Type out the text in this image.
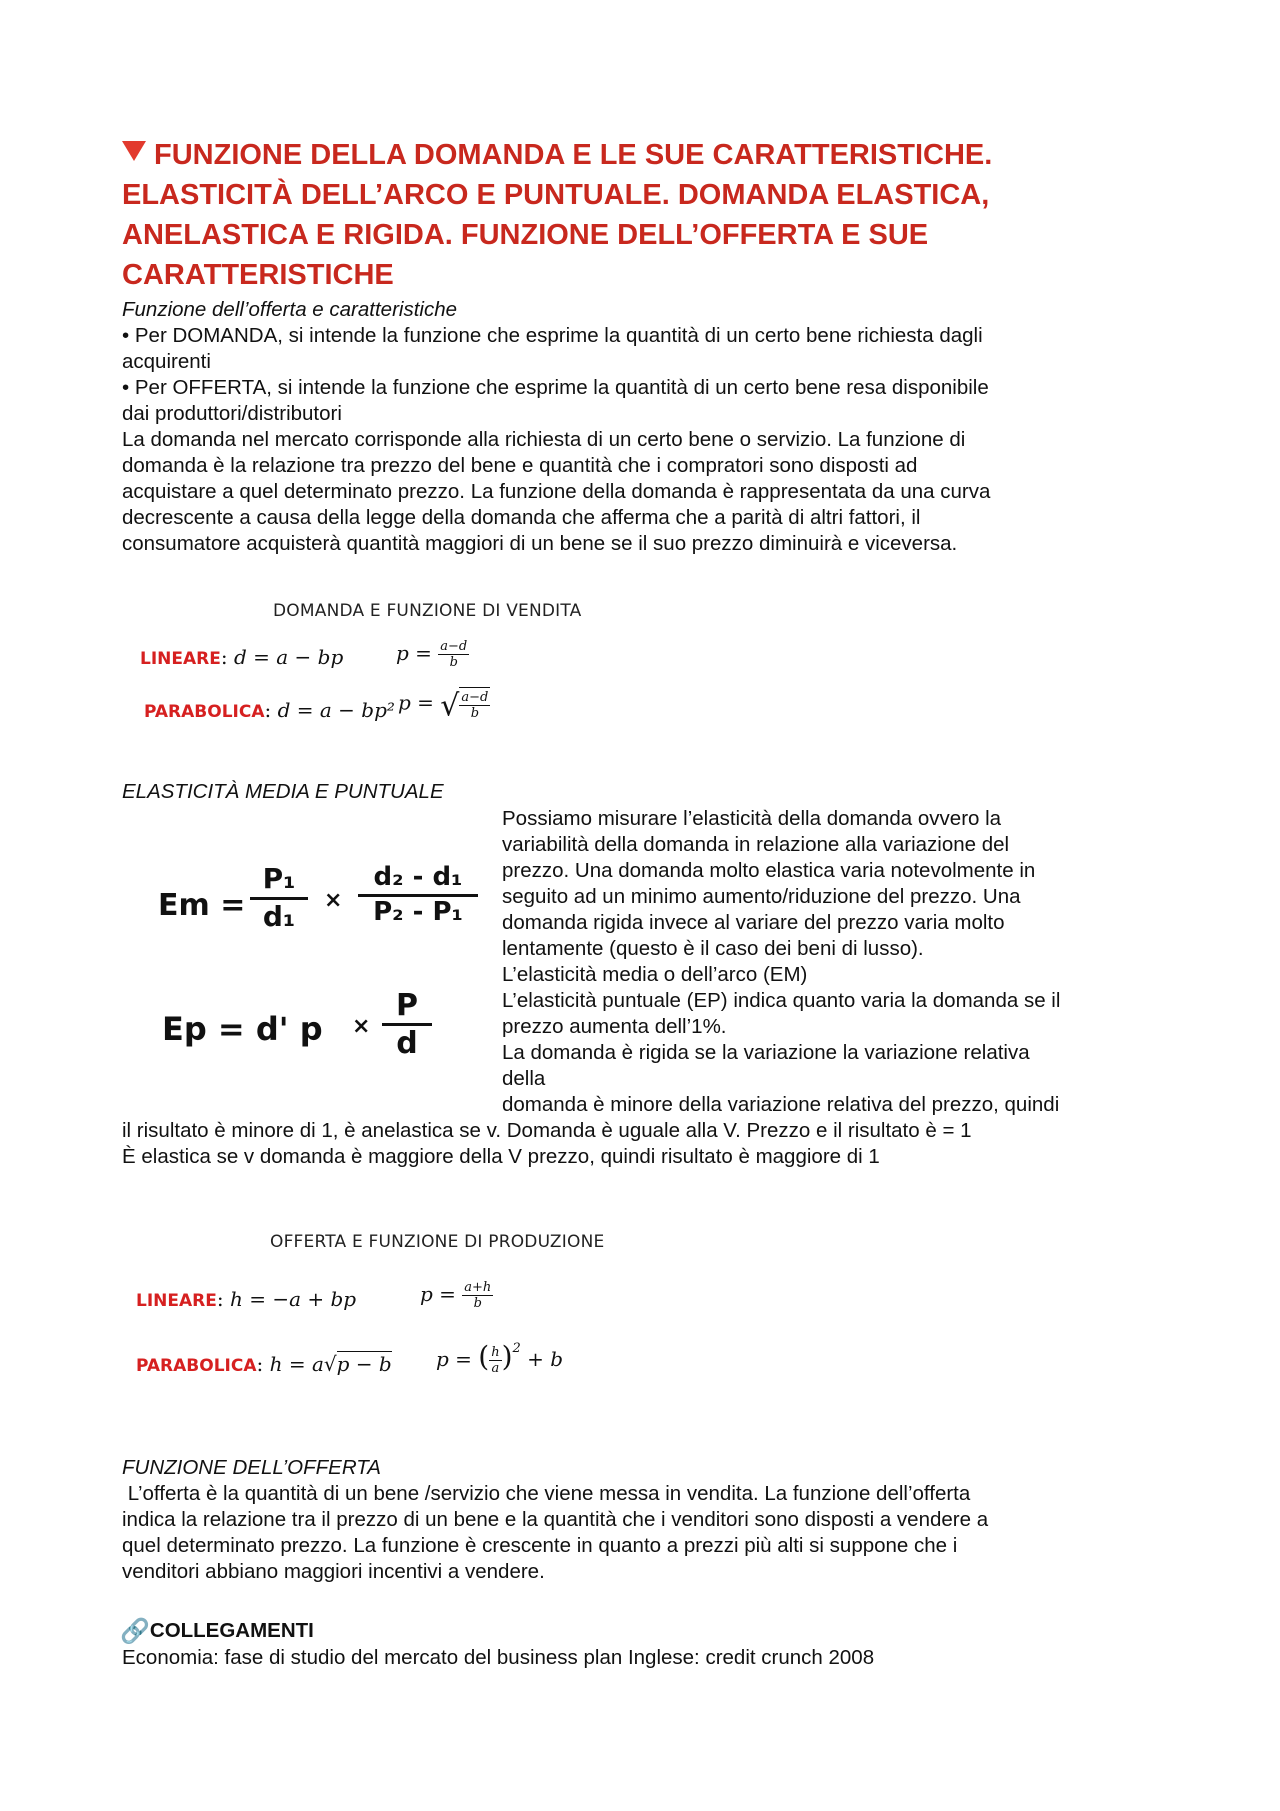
FUNZIONE DELLA DOMANDA E LE SUE CARATTERISTICHE.
ELASTICITÀ DELL’ARCO E PUNTUALE. DOMANDA ELASTICA,
ANELASTICA E RIGIDA. FUNZIONE DELL’OFFERTA E SUE
CARATTERISTICHE
Funzione dell’offerta e caratteristiche
• Per DOMANDA, si intende la funzione che esprime la quantità di un certo bene richiesta dagli
acquirenti
• Per OFFERTA, si intende la funzione che esprime la quantità di un certo bene resa disponibile
dai produttori/distributori
La domanda nel mercato corrisponde alla richiesta di un certo bene o servizio. La funzione di
domanda è la relazione tra prezzo del bene e quantità che i compratori sono disposti ad
acquistare a quel determinato prezzo. La funzione della domanda è rappresentata da una curva
decrescente a causa della legge della domanda che afferma che a parità di altri fattori, il
consumatore acquisterà quantità maggiori di un bene se il suo prezzo diminuirà e viceversa.
DOMANDA E FUNZIONE DI VENDITA
LINEARE: d = a − bp	$p = \frac{a-d}{b}$
PARABOLICA: d = a − bp² p = √ $\frac{a-d}{b}$
ELASTICITÀ MEDIA E PUNTUALE
$Em = \frac{\text{P₁}}{\text{d₁}} \times \frac{\text{d₂ - d₁}}{\text{P₂ - P₁}}$
Ep = d' $p \times \frac{P}{d}$
Possiamo misurare l’elasticità della domanda ovvero la
variabilità della domanda in relazione alla variazione del
prezzo. Una domanda molto elastica varia notevolmente in
seguito ad un minimo aumento/riduzione del prezzo. Una
domanda rigida invece al variare del prezzo varia molto
lentamente (questo è il caso dei beni di lusso).
L’elasticità media o dell’arco (EM)
L’elasticità puntuale (EP) indica quanto varia la domanda se il
prezzo aumenta dell’1%.
La domanda è rigida se la variazione la variazione relativa
della
domanda è minore della variazione relativa del prezzo, quindi
il risultato è minore di 1, è anelastica se v. Domanda è uguale alla V. Prezzo e il risultato è = 1
È elastica se v domanda è maggiore della V prezzo, quindi risultato è maggiore di 1
OFFERTA E FUNZIONE DI PRODUZIONE
LINEARE: h = −a + bp	$p = \frac{a+h}{b}$
PARABOLICA: h = a√p − b p = ( $\frac{h}{a} )^2 + b$
FUNZIONE DELL’OFFERTA
L’offerta è la quantità di un bene /servizio che viene messa in vendita. La funzione dell’offerta
indica la relazione tra il prezzo di un bene e la quantità che i venditori sono disposti a vendere a
quel determinato prezzo. La funzione è crescente in quanto a prezzi più alti si suppone che i
venditori abbiano maggiori incentivi a vendere.
🔗COLLEGAMENTI
Economia: fase di studio del mercato del business plan Inglese: credit crunch 2008
